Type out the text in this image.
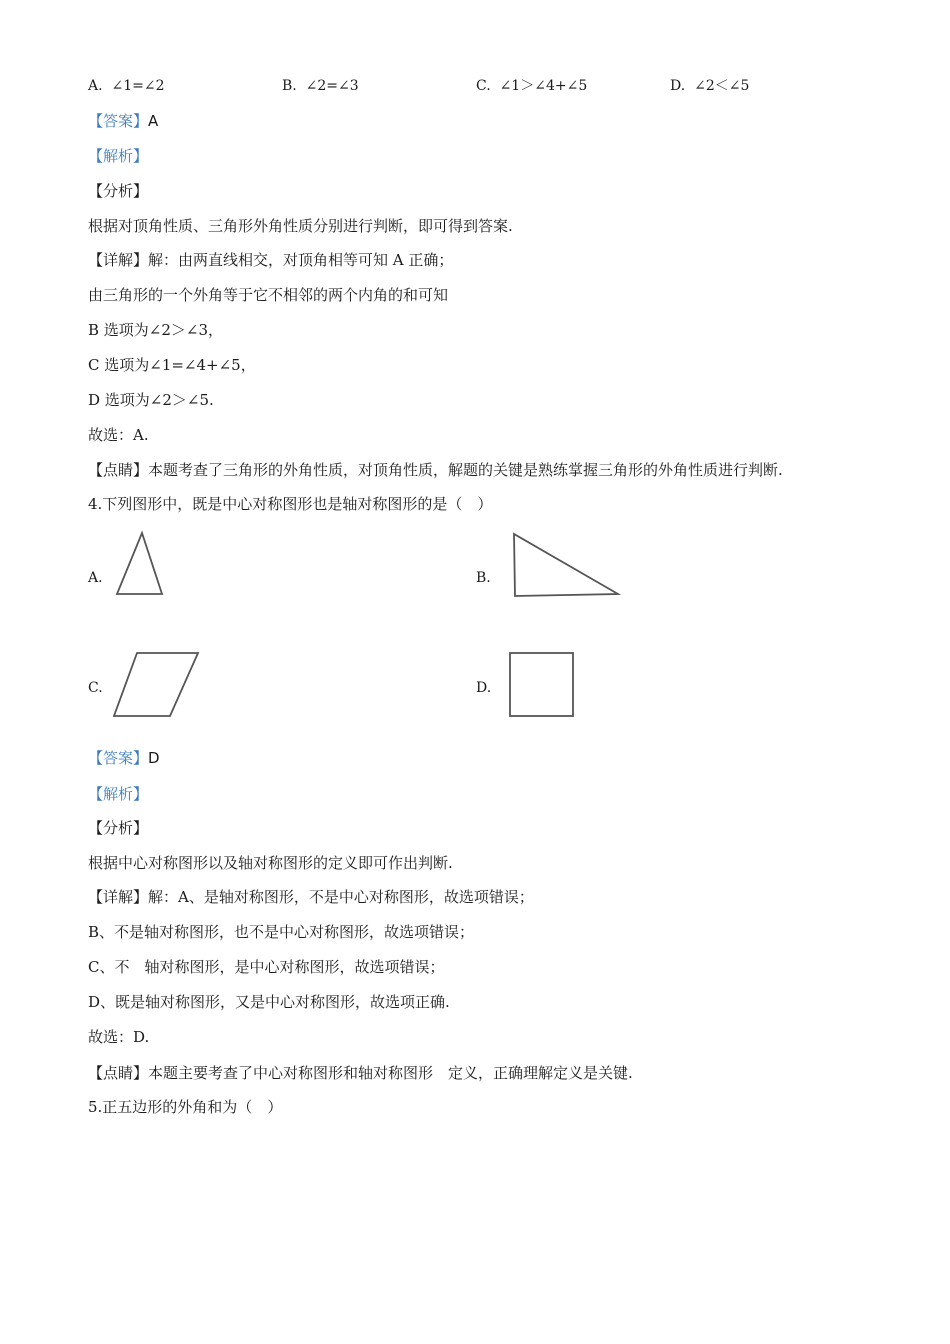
A. ∠1=∠2	B. ∠2=∠3	C. ∠1＞∠4+∠5	D. ∠2＜∠5
【答案】A
【解析】
【分析】
根据对顶角性质、三角形外角性质分别进行判断，即可得到答案.
【详解】解：由两直线相交，对顶角相等可知 A 正确；
由三角形的一个外角等于它不相邻的两个内角的和可知
B 选项为∠2＞∠3，
C 选项为∠1=∠4+∠5，
D 选项为∠2＞∠5.
故选：A.
【点睛】本题考查了三角形的外角性质，对顶角性质，解题的关键是熟练掌握三角形的外角性质进行判断.
4.下列图形中，既是中心对称图形也是轴对称图形的是（　）
A.	B.
C.	D.
【答案】D
【解析】
【分析】
根据中心对称图形以及轴对称图形的定义即可作出判断.
【详解】解：A、是轴对称图形，不是中心对称图形，故选项错误；
B、不是轴对称图形，也不是中心对称图形，故选项错误；
C、不　轴对称图形，是中心对称图形，故选项错误；
D、既是轴对称图形，又是中心对称图形，故选项正确.
故选：D.
【点睛】本题主要考查了中心对称图形和轴对称图形　定义，正确理解定义是关键.
5.正五边形的外角和为（　）
